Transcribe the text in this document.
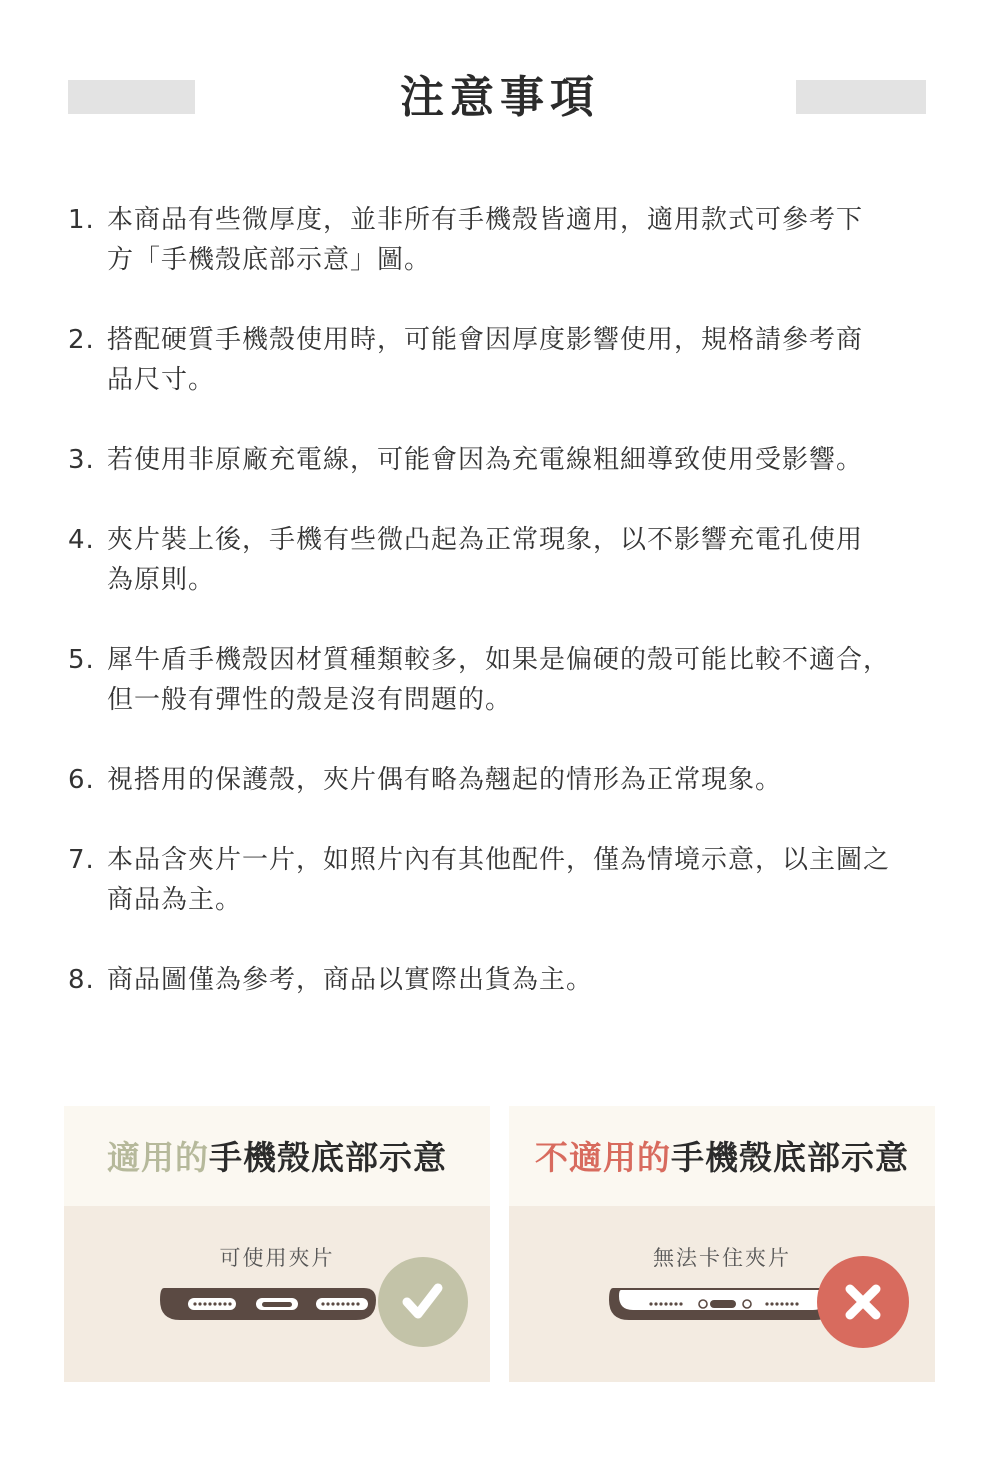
注意事項
1. 本商品有些微厚度，並非所有手機殼皆適用，適用款式可參考下
方「手機殼底部示意」圖。
2. 搭配硬質手機殼使用時，可能會因厚度影響使用，規格請參考商
品尺寸。
3. 若使用非原廠充電線，可能會因為充電線粗細導致使用受影響。
4. 夾片裝上後，手機有些微凸起為正常現象，以不影響充電孔使用
為原則。
5. 犀牛盾手機殼因材質種類較多，如果是偏硬的殼可能比較不適合，
但一般有彈性的殼是沒有問題的。
6. 視搭用的保護殼，夾片偶有略為翹起的情形為正常現象。
7. 本品含夾片一片，如照片內有其他配件，僅為情境示意，以主圖之
商品為主。
8. 商品圖僅為參考，商品以實際出貨為主。
適用的手機殼底部示意
可使用夾片
不適用的手機殼底部示意
無法卡住夾片
